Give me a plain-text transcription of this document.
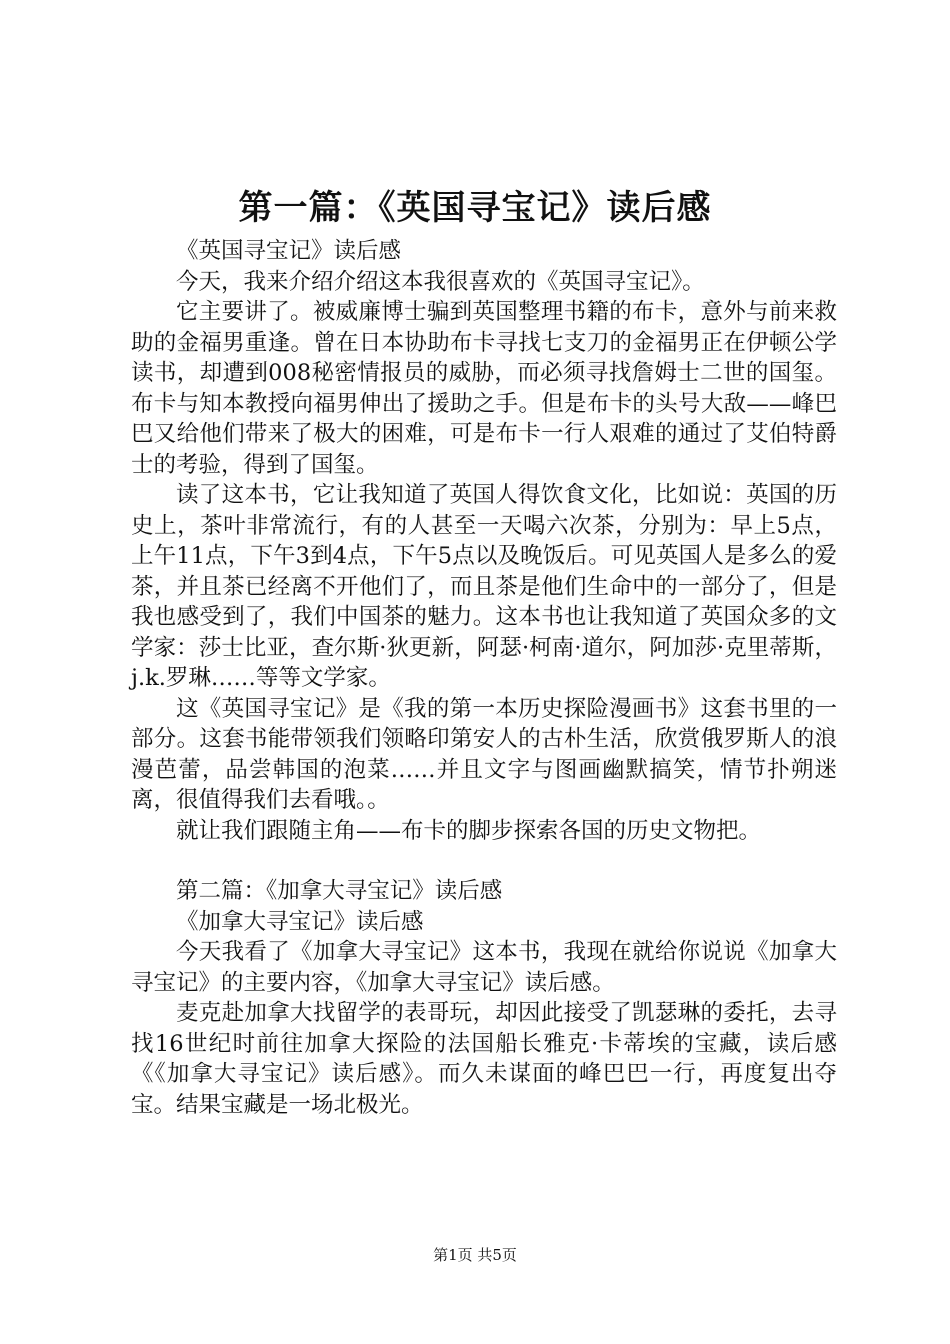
第一篇：《英国寻宝记》读后感

《英国寻宝记》读后感

今天，我来介绍介绍这本我很喜欢的《英国寻宝记》。

它主要讲了。被威廉博士骗到英国整理书籍的布卡，意外与前来救助的金福男重逢。曾在日本协助布卡寻找七支刀的金福男正在伊顿公学读书，却遭到008秘密情报员的威胁，而必须寻找詹姆士二世的国玺。布卡与知本教授向福男伸出了援助之手。但是布卡的头号大敌——峰巴巴又给他们带来了极大的困难，可是布卡一行人艰难的通过了艾伯特爵士的考验，得到了国玺。

读了这本书，它让我知道了英国人得饮食文化，比如说：英国的历史上，茶叶非常流行，有的人甚至一天喝六次茶，分别为：早上5点，上午11点，下午3到4点，下午5点以及晚饭后。可见英国人是多么的爱茶，并且茶已经离不开他们了，而且茶是他们生命中的一部分了，但是我也感受到了，我们中国茶的魅力。这本书也让我知道了英国众多的文学家：莎士比亚，查尔斯·狄更新，阿瑟·柯南·道尔，阿加莎·克里蒂斯，j.k.罗琳……等等文学家。

这《英国寻宝记》是《我的第一本历史探险漫画书》这套书里的一部分。这套书能带领我们领略印第安人的古朴生活，欣赏俄罗斯人的浪漫芭蕾，品尝韩国的泡菜……并且文字与图画幽默搞笑，情节扑朔迷离，很值得我们去看哦。。

就让我们跟随主角——布卡的脚步探索各国的历史文物把。

第二篇：《加拿大寻宝记》读后感

《加拿大寻宝记》读后感

今天我看了《加拿大寻宝记》这本书，我现在就给你说说《加拿大寻宝记》的主要内容，《加拿大寻宝记》读后感。

麦克赴加拿大找留学的表哥玩，却因此接受了凯瑟琳的委托，去寻找16世纪时前往加拿大探险的法国船长雅克·卡蒂埃的宝藏，读后感《《加拿大寻宝记》读后感》。而久未谋面的峰巴巴一行，再度复出夺宝。结果宝藏是一场北极光。

第1页 共5页
